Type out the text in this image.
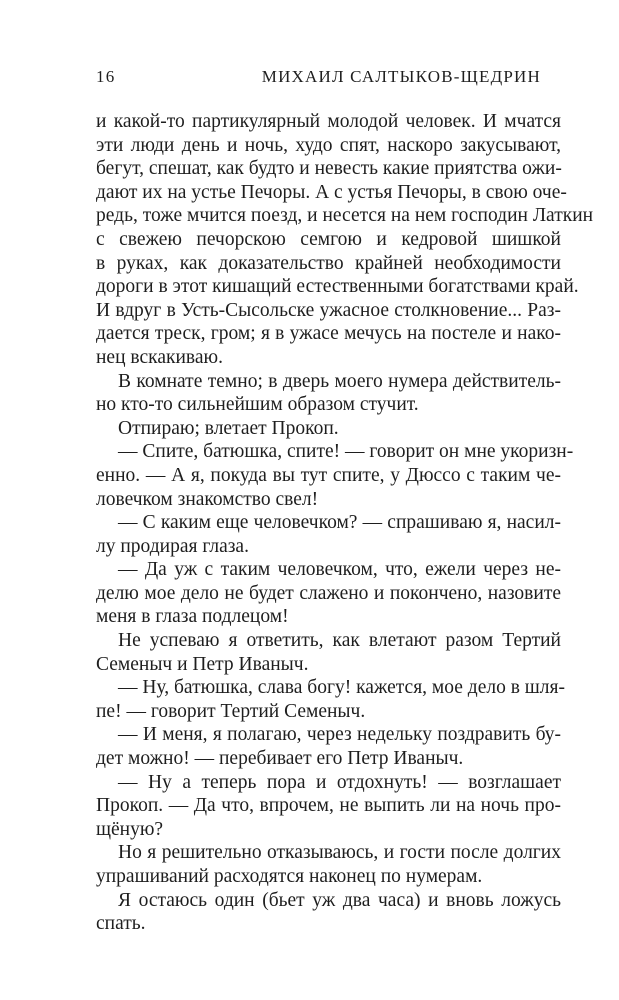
16	МИХАИЛ САЛТЫКОВ-ЩЕДРИН
и какой-то партикулярный молодой человек. И мчатся
эти люди день и ночь, худо спят, наскоро закусывают,
бегут, спешат, как будто и невесть какие приятства ожи-
дают их на устье Печоры. А с устья Печоры, в свою оче-
редь, тоже мчится поезд, и несется на нем господин Латкин
с свежею печорскою семгою и кедровой шишкой
в руках, как доказательство крайней необходимости
дороги в этот кишащий естественными богатствами край.
И вдруг в Усть-Сысольске ужасное столкновение... Раз-
дается треск, гром; я в ужасе мечусь на постеле и нако-
нец вскакиваю.
В комнате темно; в дверь моего нумера действитель-
но кто-то сильнейшим образом стучит.
Отпираю; влетает Прокоп.
— Спите, батюшка, спите! — говорит он мне укоризн-
енно. — А я, покуда вы тут спите, у Дюссо с таким че-
ловечком знакомство свел!
— С каким еще человечком? — спрашиваю я, насил-
лу продирая глаза.
— Да уж с таким человечком, что, ежели через не-
делю мое дело не будет слажено и покончено, назовите
меня в глаза подлецом!
Не успеваю я ответить, как влетают разом Тертий
Семеныч и Петр Иваныч.
— Ну, батюшка, слава богу! кажется, мое дело в шля-
пе! — говорит Тертий Семеныч.
— И меня, я полагаю, через недельку поздравить бу-
дет можно! — перебивает его Петр Иваныч.
— Ну а теперь пора и отдохнуть! — возглашает
Прокоп. — Да что, впрочем, не выпить ли на ночь про-
щёную?
Но я решительно отказываюсь, и гости после долгих
упрашиваний расходятся наконец по нумерам.
Я остаюсь один (бьет уж два часа) и вновь ложусь
спать.
